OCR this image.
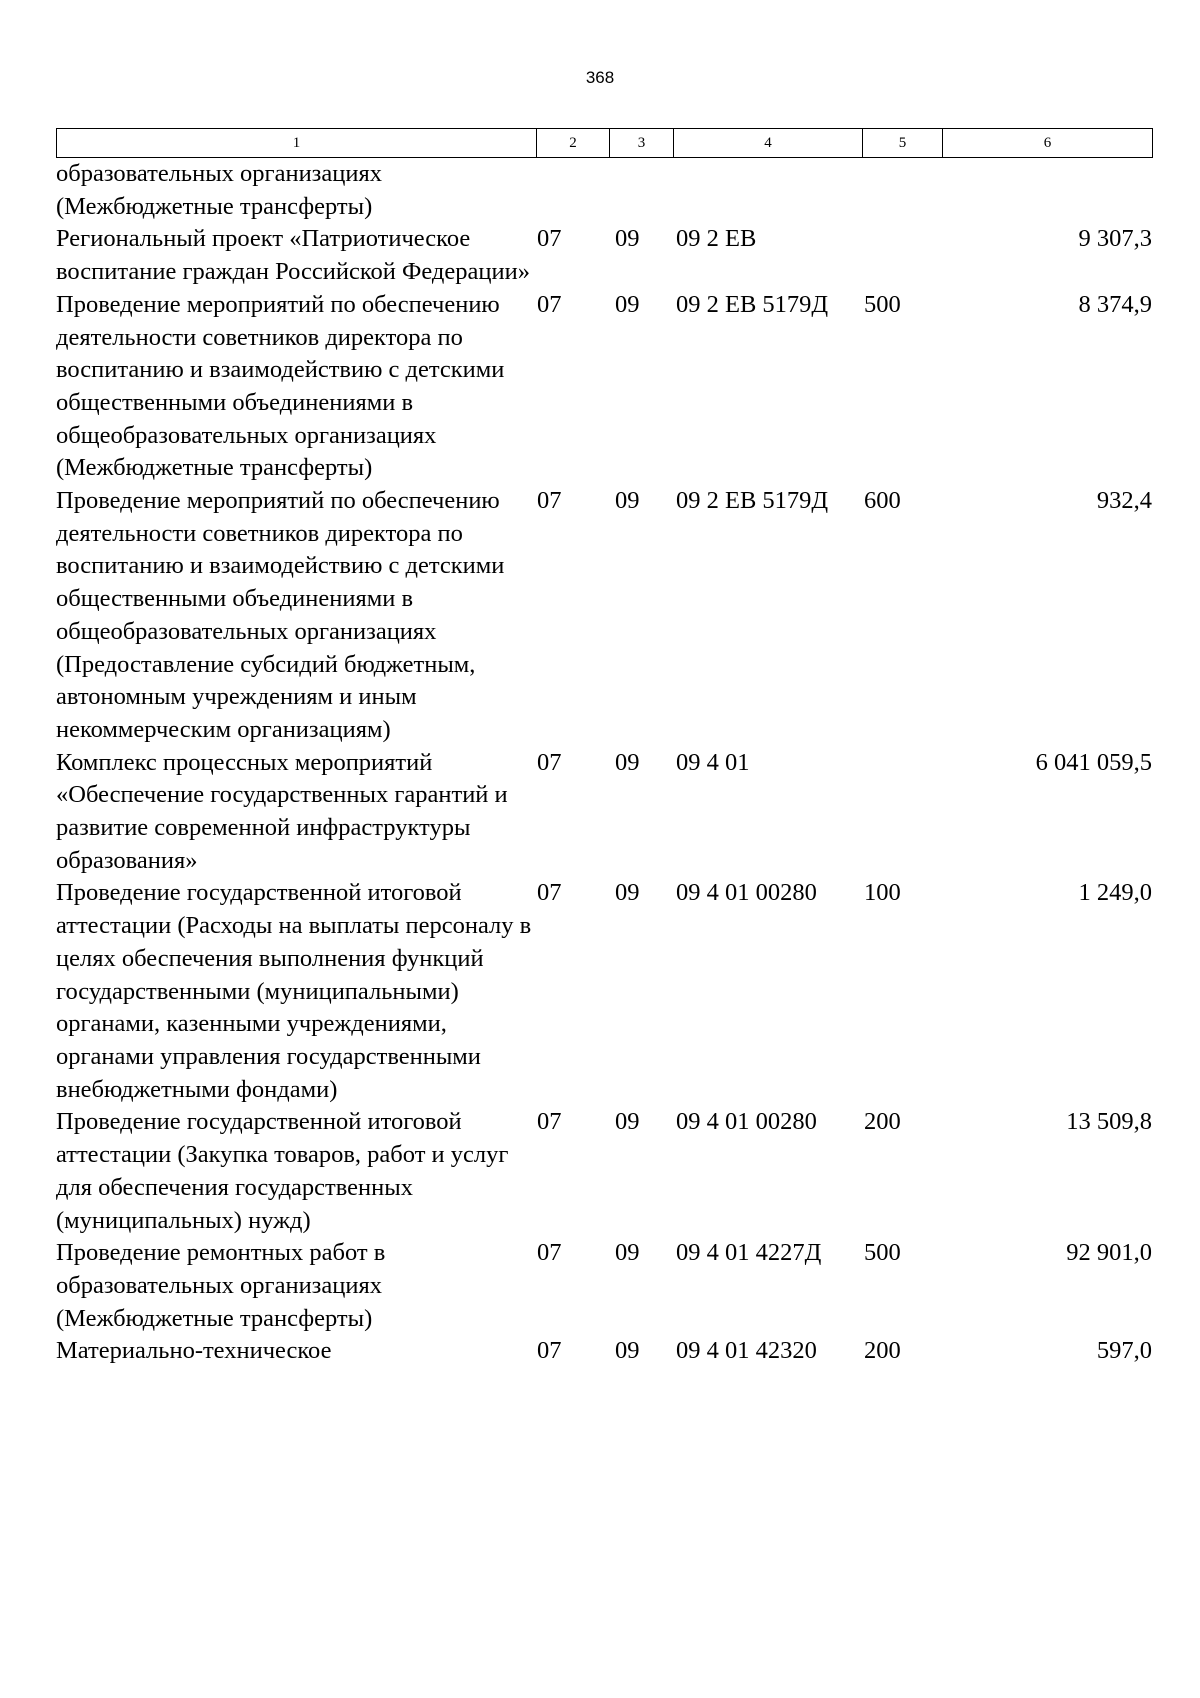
368
1	2	3	4	5	6
образовательных организациях (Межбюджетные трансферты)					
Региональный проект «Патриотическое воспитание граждан Российской Федерации»	07	09	09 2 ЕВ		9 307,3
Проведение мероприятий по обеспечению деятельности советников директора по воспитанию и взаимодействию с детскими общественными объединениями в общеобразовательных организациях (Межбюджетные трансферты)	07	09	09 2 ЕВ 5179Д	500	8 374,9
Проведение мероприятий по обеспечению деятельности советников директора по воспитанию и взаимодействию с детскими общественными объединениями в общеобразовательных организациях (Предоставление субсидий бюджетным, автономным учреждениям и иным некоммерческим организациям)	07	09	09 2 ЕВ 5179Д	600	932,4
Комплекс процессных мероприятий «Обеспечение государственных гарантий и развитие современной инфраструктуры образования»	07	09	09 4 01		6 041 059,5
Проведение государственной итоговой аттестации (Расходы на выплаты персоналу в целях обеспечения выполнения функций государственными (муниципальными) органами, казенными учреждениями, органами управления государственными внебюджетными фондами)	07	09	09 4 01 00280	100	1 249,0
Проведение государственной итоговой аттестации (Закупка товаров, работ и услуг для обеспечения государственных (муниципальных) нужд)	07	09	09 4 01 00280	200	13 509,8
Проведение ремонтных работ в образовательных организациях (Межбюджетные трансферты)	07	09	09 4 01 4227Д	500	92 901,0
Материально-техническое	07	09	09 4 01 42320	200	597,0
